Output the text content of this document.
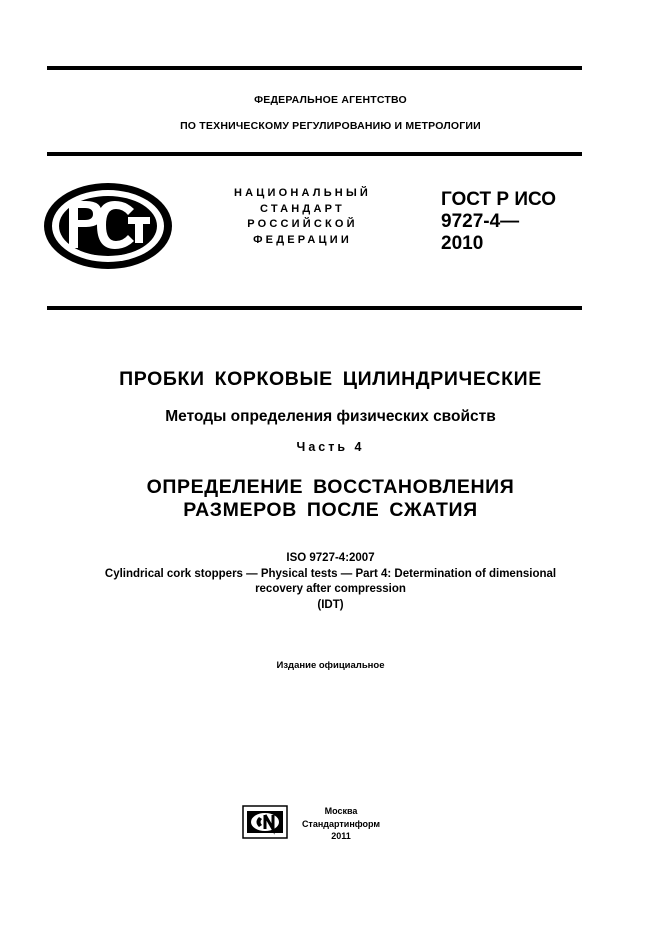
ФЕДЕРАЛЬНОЕ АГЕНТСТВО
ПО ТЕХНИЧЕСКОМУ РЕГУЛИРОВАНИЮ И МЕТРОЛОГИИ
НАЦИОНАЛЬНЫЙ
СТАНДАРТ
РОССИЙСКОЙ
ФЕДЕРАЦИИ
ГОСТ Р ИСО
9727-4—
2010
ПРОБКИ КОРКОВЫЕ ЦИЛИНДРИЧЕСКИЕ
Методы определения физических свойств
Часть 4
ОПРЕДЕЛЕНИЕ ВОССТАНОВЛЕНИЯ
РАЗМЕРОВ ПОСЛЕ СЖАТИЯ
ISO 9727-4:2007
Cylindrical cork stoppers — Physical tests — Part 4: Determination of dimensional
recovery after compression
(IDT)
Издание официальное
Москва
Стандартинформ
2011
